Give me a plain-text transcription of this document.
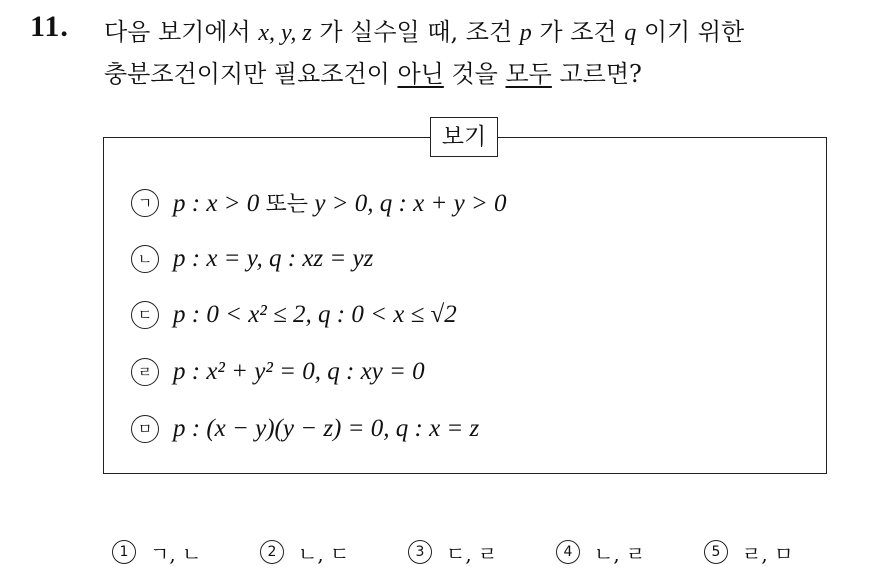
11. 다음 보기에서 x, y, z 가 실수일 때, 조건 p 가 조건 q 이기 위한
충분조건이지만 필요조건이 아닌 것을 모두 고르면?
보기
ㄱ p : x > 0 또는 y > 0, q : x + y > 0
ㄴ p : x = y, q : xz = yz
ㄷ p : 0 < x² ≤ 2, q : 0 < x ≤ √2
ㄹ p : x² + y² = 0, q : xy = 0
ㅁ p : (x − y)(y − z) = 0, q : x = z
1	ㄱ, ㄴ	2	ㄴ, ㄷ	3	ㄷ, ㄹ	4	ㄴ, ㄹ	5	ㄹ, ㅁ
